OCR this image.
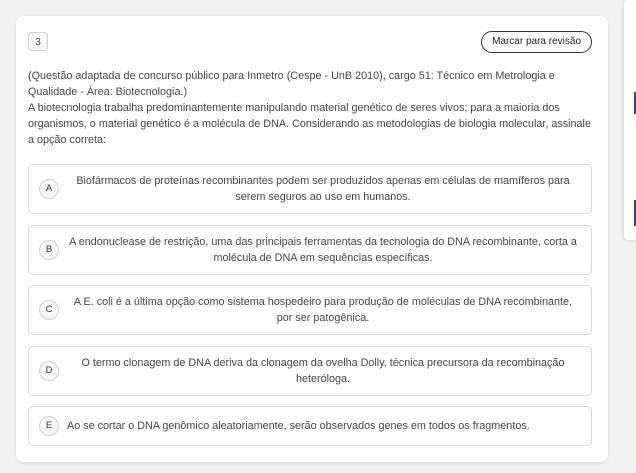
3	Marcar para revisão

(Questão adaptada de concurso público para Inmetro (Cespe - UnB 2010), cargo 51: Técnico em Metrologia e Qualidade - Área: Biotecnologia.)

A biotecnologia trabalha predominantemente manipulando material genético de seres vivos; para a maioria dos organismos, o material genético é a molécula de DNA. Considerando as metodologias de biologia molecular, assinale a opção correta:

A
Biofármacos de proteínas recombinantes podem ser produzidos apenas em células de mamíferos para serem seguros ao uso em humanos.
B
A endonuclease de restrição, uma das principais ferramentas da tecnologia do DNA recombinante, corta a molécula de DNA em sequências específicas.
C
A E. coli é a última opção como sistema hospedeiro para produção de moléculas de DNA recombinante, por ser patogênica.
D
O termo clonagem de DNA deriva da clonagem da ovelha Dolly, técnica precursora da recombinação heteróloga.
E	Ao se cortar o DNA genômico aleatoriamente, serão observados genes em todos os fragmentos.
